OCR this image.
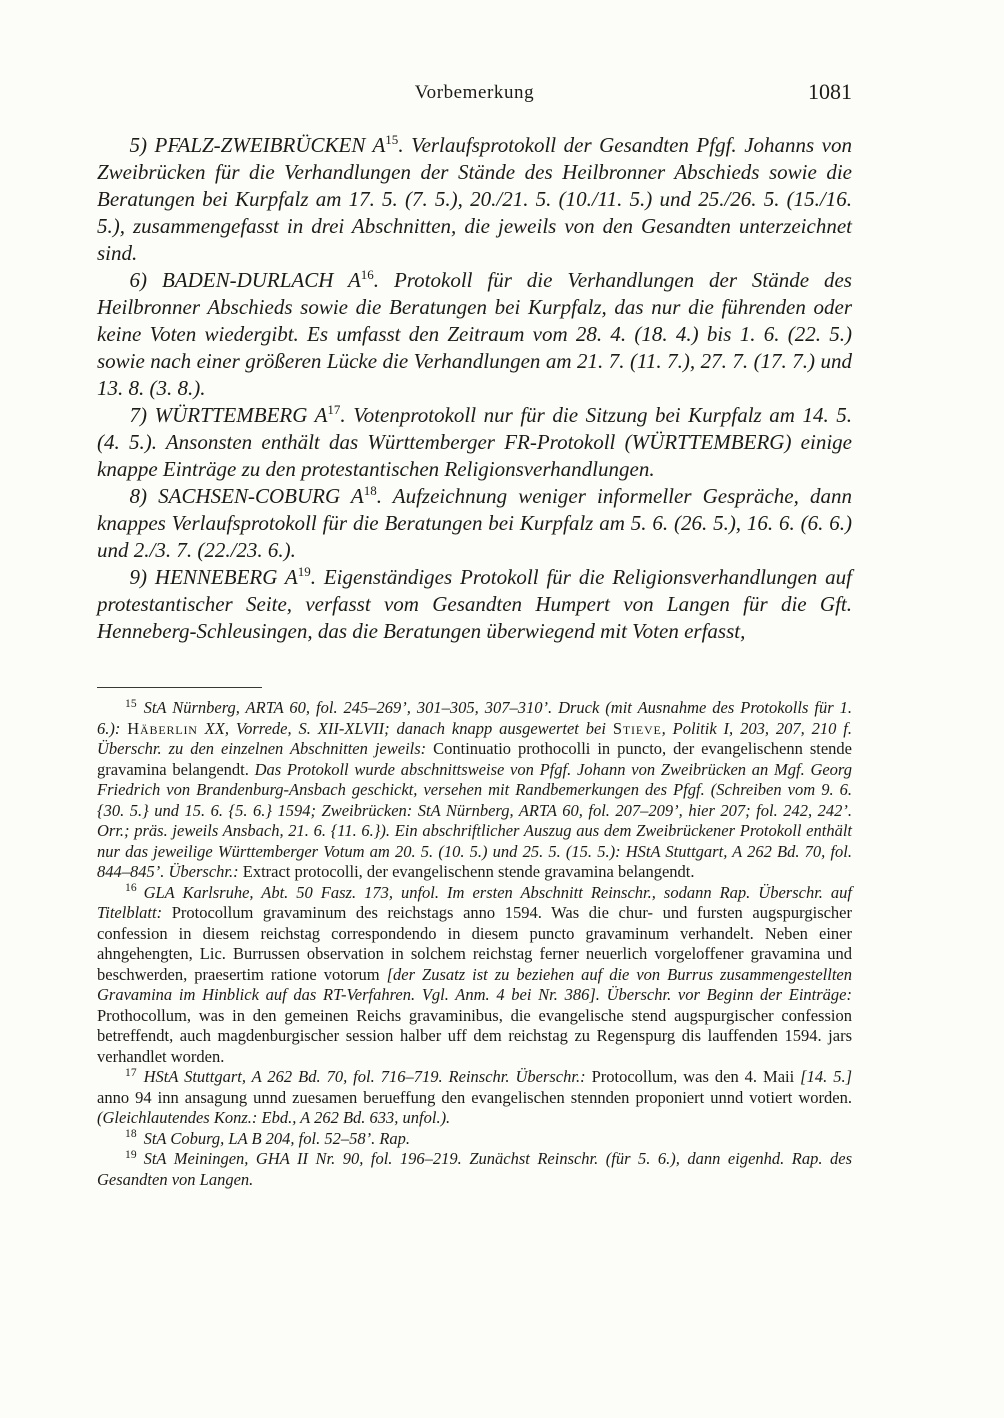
Vorbemerkung	1081

5) PFALZ-ZWEIBRÜCKEN $A^{15}$. Verlaufsprotokoll der Gesandten Pfgf. Johanns von Zweibrücken für die Verhandlungen der Stände des Heilbronner Abschieds sowie die Beratungen bei Kurpfalz am 17. 5. (7. 5.), 20./21. 5. (10./11. 5.) und 25./26. 5. (15./16. 5.), zusammengefasst in drei Abschnitten, die jeweils von den Gesandten unterzeichnet sind.

6) BADEN-DURLACH $A^{16}$. Protokoll für die Verhandlungen der Stände des Heilbronner Abschieds sowie die Beratungen bei Kurpfalz, das nur die führenden oder keine Voten wiedergibt. Es umfasst den Zeitraum vom 28. 4. (18. 4.) bis 1. 6. (22. 5.) sowie nach einer größeren Lücke die Verhandlungen am 21. 7. (11. 7.), 27. 7. (17. 7.) und 13. 8. (3. 8.).

7) WÜRTTEMBERG $A^{17}$. Votenprotokoll nur für die Sitzung bei Kurpfalz am 14. 5. (4. 5.). Ansonsten enthält das Württemberger FR-Protokoll (WÜRTTEMBERG) einige knappe Einträge zu den protestantischen Religionsverhandlungen.

8) SACHSEN-COBURG $A^{18}$. Aufzeichnung weniger informeller Gespräche, dann knappes Verlaufsprotokoll für die Beratungen bei Kurpfalz am 5. 6. (26. 5.), 16. 6. (6. 6.) und 2./3. 7. (22./23. 6.).

9) HENNEBERG $A^{19}$. Eigenständiges Protokoll für die Religionsverhandlungen auf protestantischer Seite, verfasst vom Gesandten Humpert von Langen für die Gft. Henneberg-Schleusingen, das die Beratungen überwiegend mit Voten erfasst,

$^{15}$ StA Nürnberg, ARTA 60, fol. 245–269’, 301–305, 307–310’. Druck (mit Ausnahme des Protokolls für 1. 6.): Häberlin XX, Vorrede, S. XII-XLVII; danach knapp ausgewertet bei Stieve, Politik I, 203, 207, 210 f. Überschr. zu den einzelnen Abschnitten jeweils: Continuatio prothocolli in puncto, der evangelischenn stende gravamina belangendt. Das Protokoll wurde abschnittsweise von Pfgf. Johann von Zweibrücken an Mgf. Georg Friedrich von Brandenburg-Ansbach geschickt, versehen mit Randbemerkungen des Pfgf. (Schreiben vom 9. 6. {30. 5.} und 15. 6. {5. 6.} 1594; Zweibrücken: StA Nürnberg, ARTA 60, fol. 207–209’, hier 207; fol. 242, 242’. Orr.; präs. jeweils Ansbach, 21. 6. {11. 6.}). Ein abschriftlicher Auszug aus dem Zweibrückener Protokoll enthält nur das jeweilige Württemberger Votum am 20. 5. (10. 5.) und 25. 5. (15. 5.): HStA Stuttgart, A 262 Bd. 70, fol. 844–845’. Überschr.: Extract protocolli, der evangelischenn stende gravamina belangendt.

$^{16}$ GLA Karlsruhe, Abt. 50 Fasz. 173, unfol. Im ersten Abschnitt Reinschr., sodann Rap. Überschr. auf Titelblatt: Protocollum gravaminum des reichstags anno 1594. Was die chur- und fursten augspurgischer confession in diesem reichstag correspondendo in diesem puncto gravaminum verhandelt. Neben einer ahngehengten, Lic. Burrussen observation in solchem reichstag ferner neuerlich vorgeloffener gravamina und beschwerden, praesertim ratione votorum [der Zusatz ist zu beziehen auf die von Burrus zusammengestellten Gravamina im Hinblick auf das RT-Verfahren. Vgl. Anm. 4 bei Nr. 386]. Überschr. vor Beginn der Einträge: Prothocollum, was in den gemeinen Reichs gravaminibus, die evangelische stend augspurgischer confession betreffendt, auch magdenburgischer session halber uff dem reichstag zu Regenspurg dis lauffenden 1594. jars verhandlet worden.

$^{17}$ HStA Stuttgart, A 262 Bd. 70, fol. 716–719. Reinschr. Überschr.: Protocollum, was den 4. Maii [14. 5.] anno 94 inn ansagung unnd zuesamen berueffung den evangelischen stennden proponiert unnd votiert worden. (Gleichlautendes Konz.: Ebd., A 262 Bd. 633, unfol.).

$^{18}$ StA Coburg, LA B 204, fol. 52–58’. Rap.

$^{19}$ StA Meiningen, GHA II Nr. 90, fol. 196–219. Zunächst Reinschr. (für 5. 6.), dann eigenhd. Rap. des Gesandten von Langen.
